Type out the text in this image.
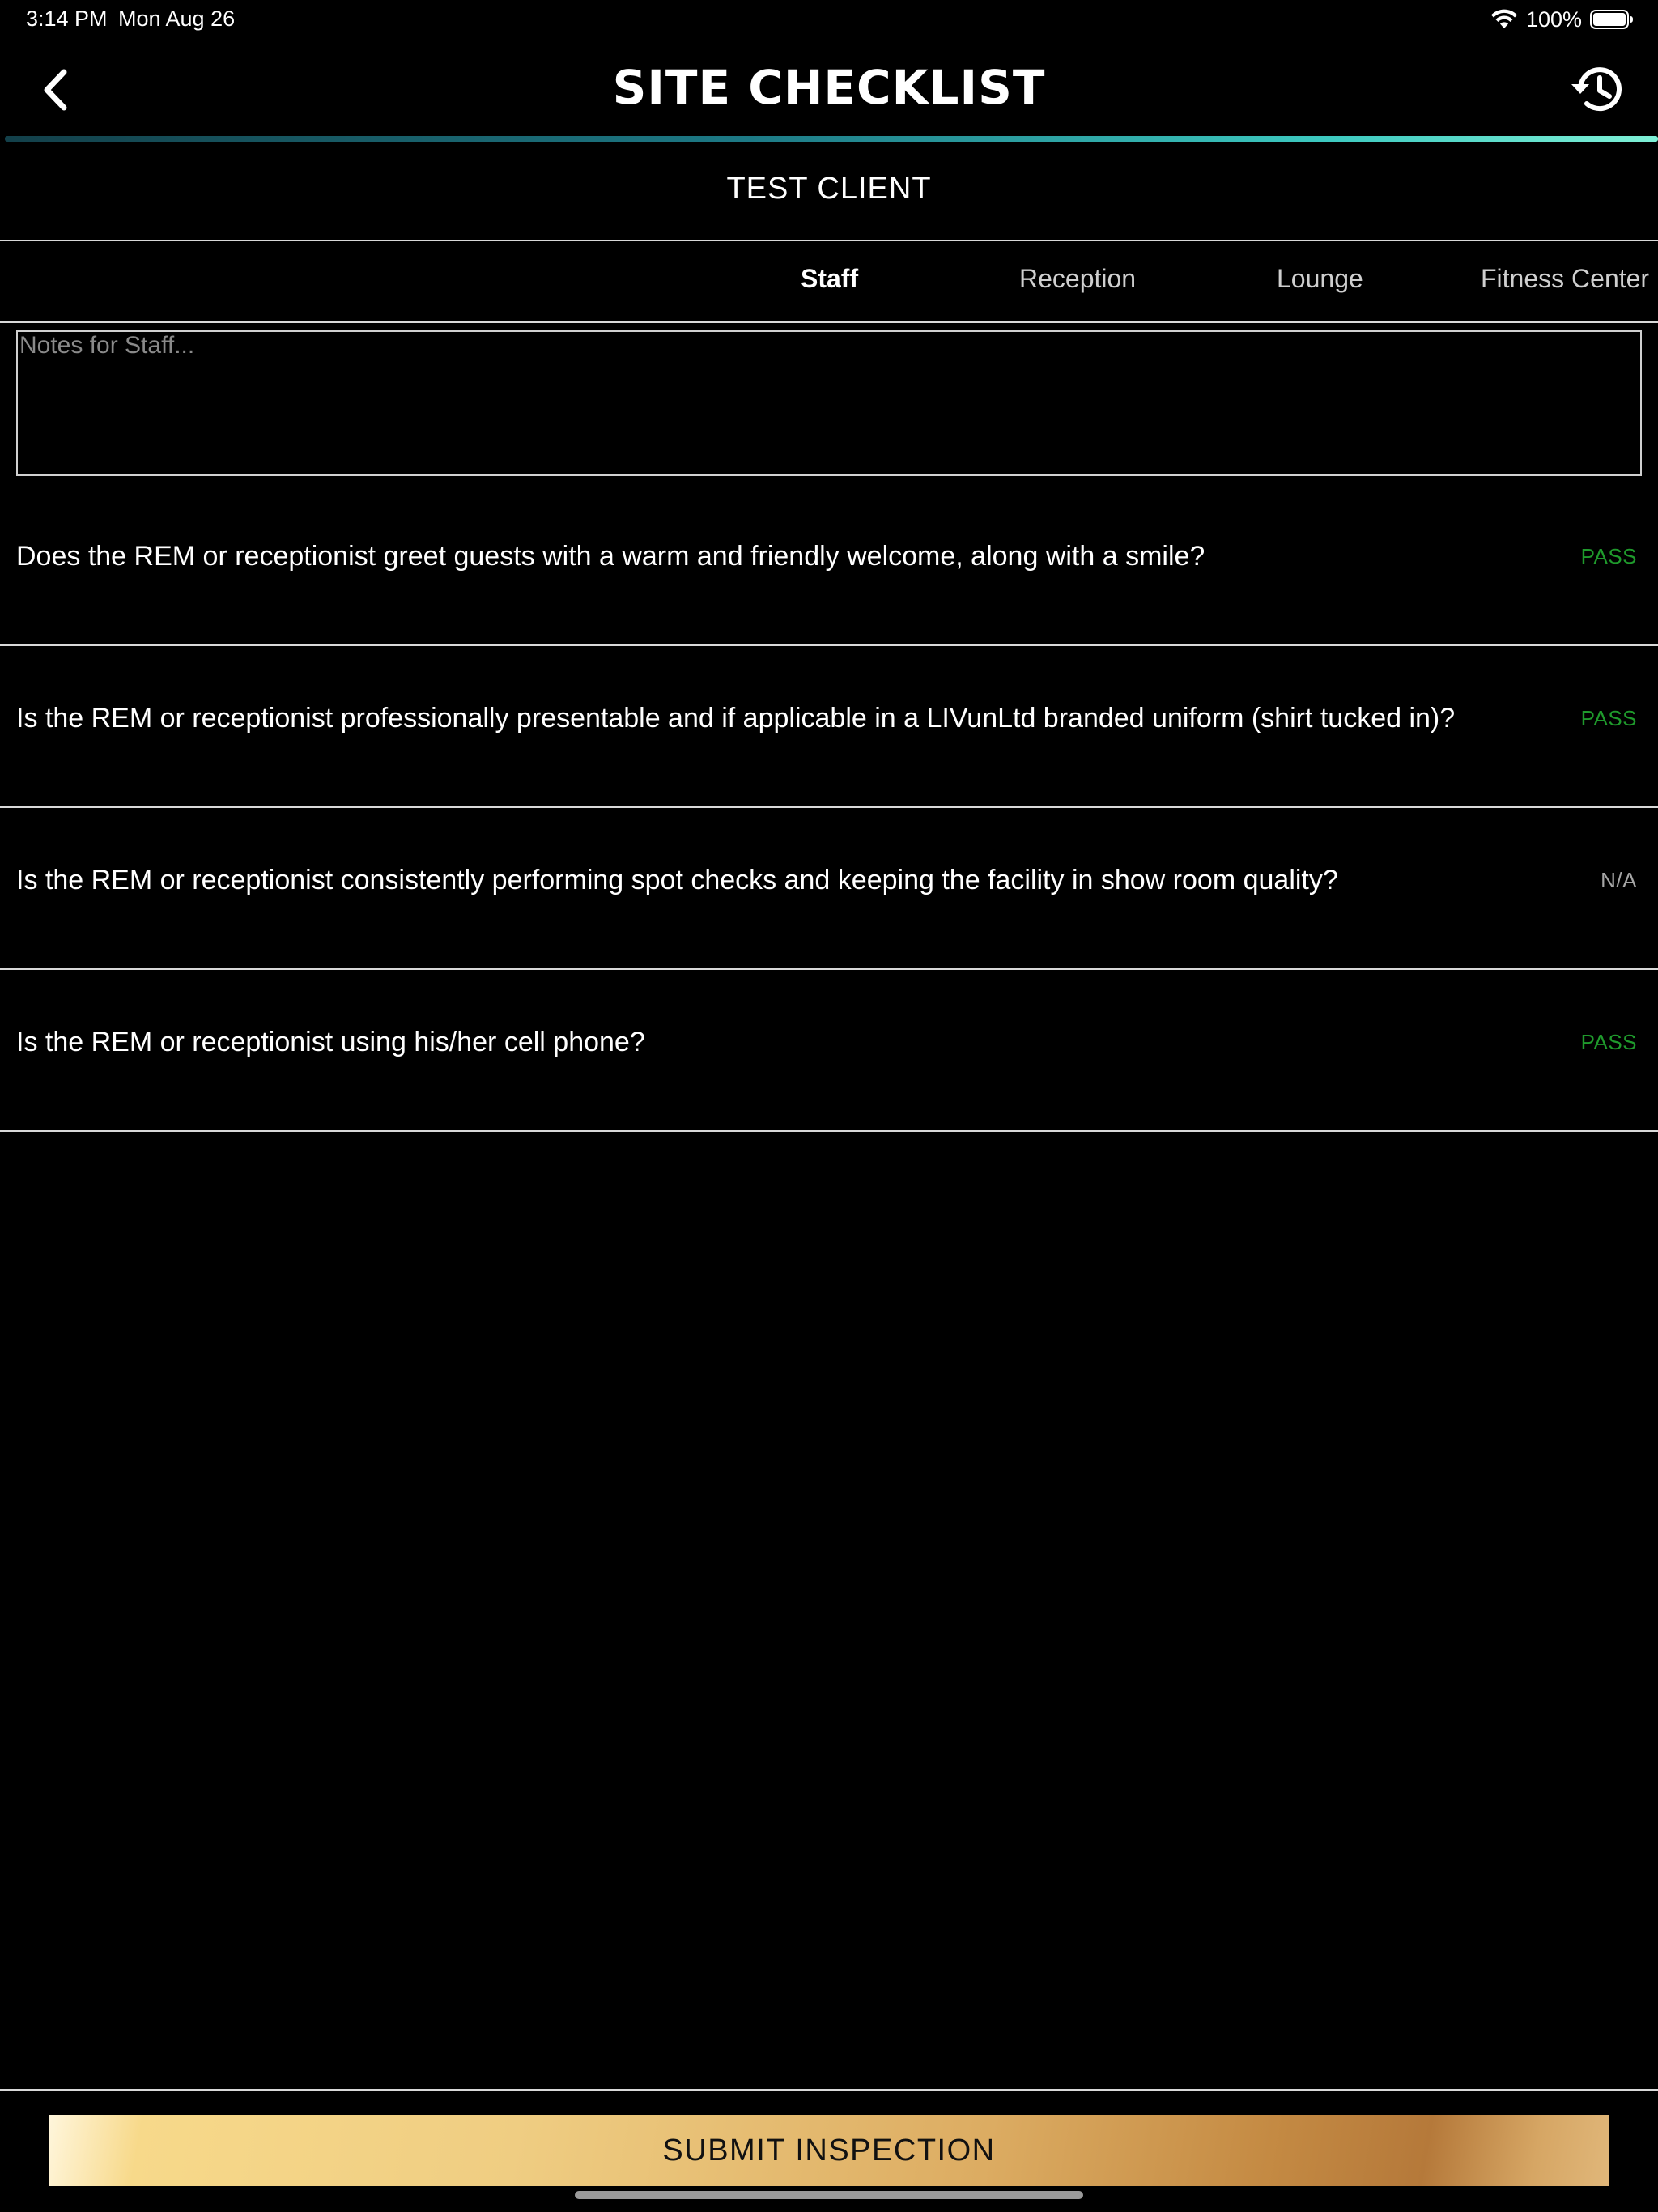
3:14 PM Mon Aug 26	100%
SITE CHECKLIST
TEST CLIENT
Staff	Reception	Lounge	Fitness Center
Notes for Staff...
Does the REM or receptionist greet guests with a warm and friendly welcome, along with a smile?	PASS
Is the REM or receptionist professionally presentable and if applicable in a LIVunLtd branded uniform (shirt tucked in)?	PASS
Is the REM or receptionist consistently performing spot checks and keeping the facility in show room quality?	N/A
Is the REM or receptionist using his/her cell phone?	PASS
SUBMIT INSPECTION
